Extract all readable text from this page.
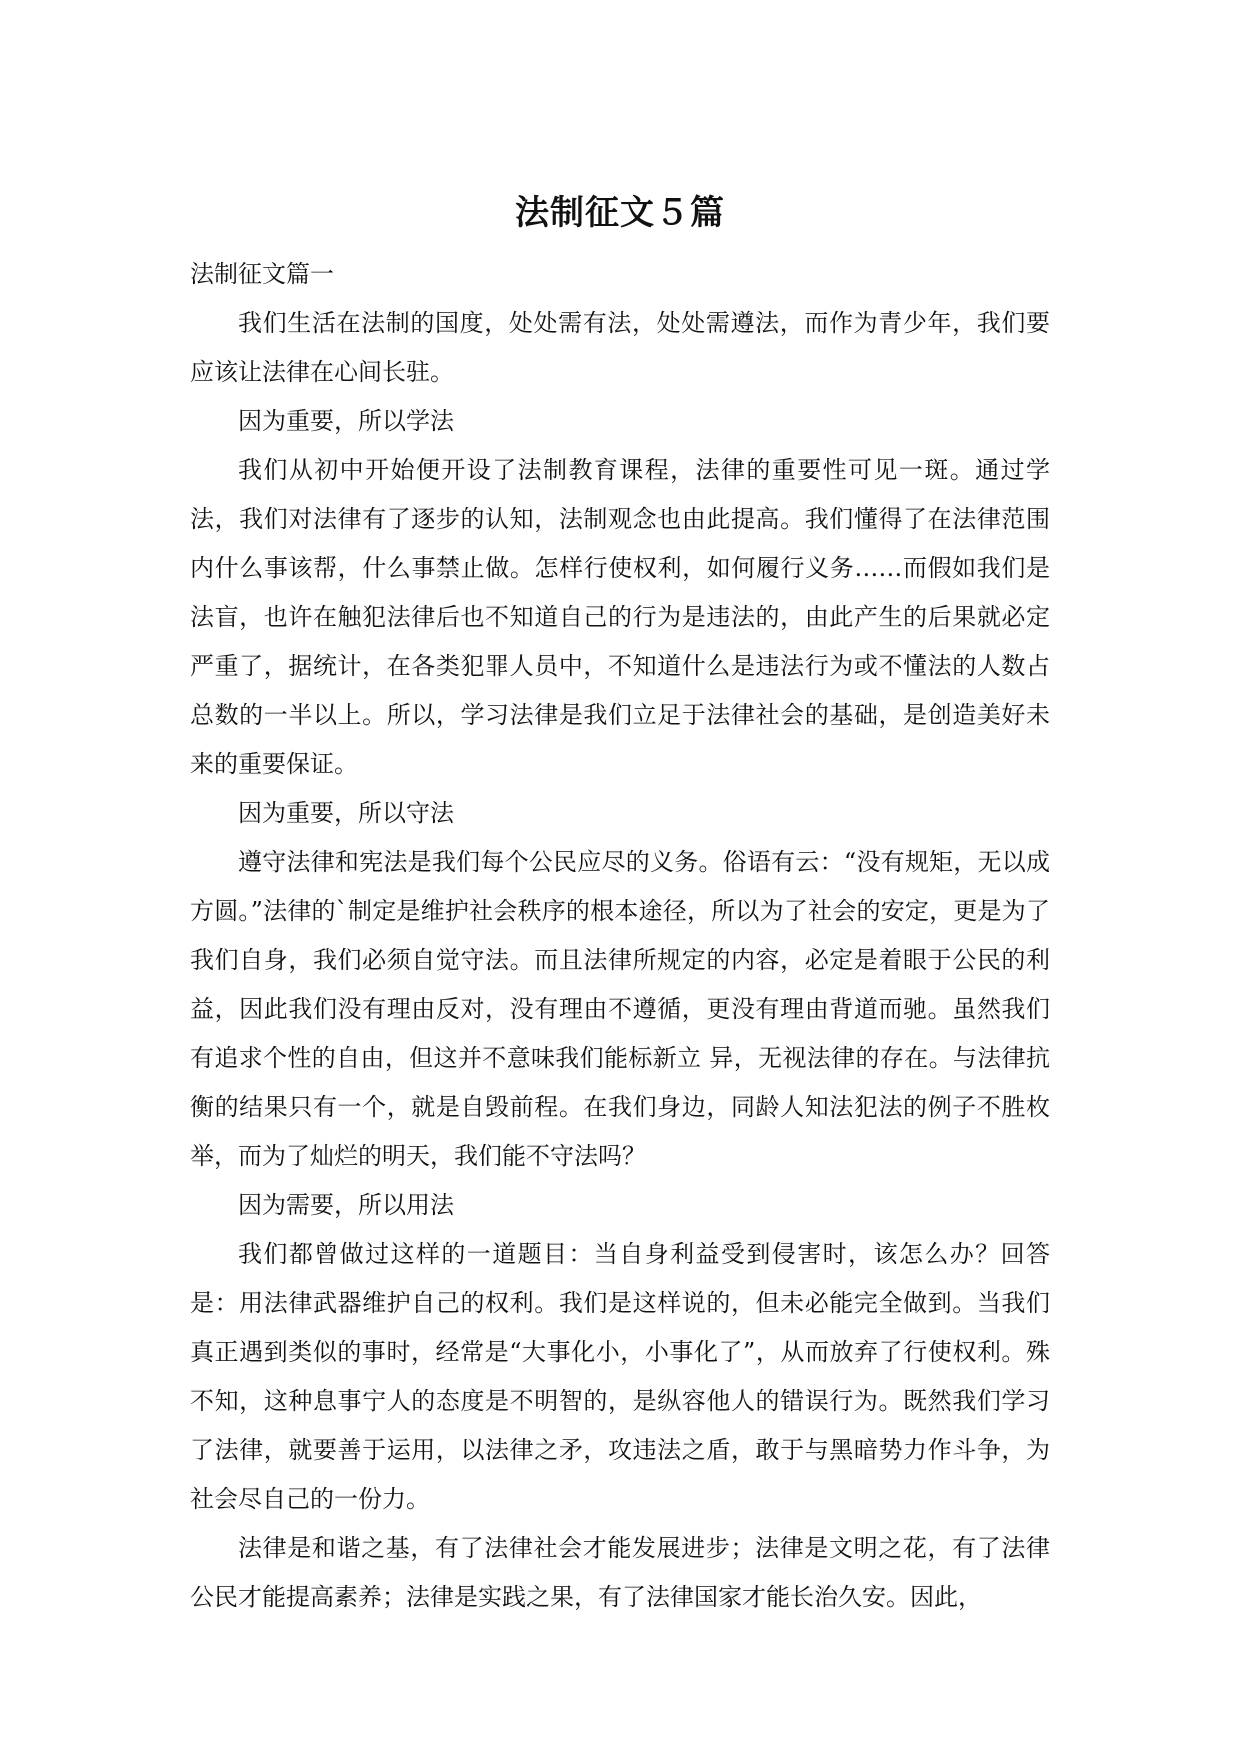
法制征文５篇

法制征文篇一

我们生活在法制的国度，处处需有法，处处需遵法，而作为青少年，我们要应该让法律在心间长驻。

因为重要，所以学法

我们从初中开始便开设了法制教育课程，法律的重要性可见一斑。通过学法，我们对法律有了逐步的认知，法制观念也由此提高。我们懂得了在法律范围内什么事该帮，什么事禁止做。怎样行使权利，如何履行义务……而假如我们是法盲，也许在触犯法律后也不知道自己的行为是违法的，由此产生的后果就必定严重了，据统计，在各类犯罪人员中，不知道什么是违法行为或不懂法的人数占总数的一半以上。所以，学习法律是我们立足于法律社会的基础，是创造美好未来的重要保证。

因为重要，所以守法

遵守法律和宪法是我们每个公民应尽的义务。俗语有云：“没有规矩，无以成方圆。”法律的`制定是维护社会秩序的根本途径，所以为了社会的安定，更是为了我们自身，我们必须自觉守法。而且法律所规定的内容，必定是着眼于公民的利益，因此我们没有理由反对，没有理由不遵循，更没有理由背道而驰。虽然我们有追求个性的自由，但这并不意味我们能标新立 异，无视法律的存在。与法律抗衡的结果只有一个，就是自毁前程。在我们身边，同龄人知法犯法的例子不胜枚举，而为了灿烂的明天，我们能不守法吗？

因为需要，所以用法

我们都曾做过这样的一道题目：当自身利益受到侵害时，该怎么办？回答是：用法律武器维护自己的权利。我们是这样说的，但未必能完全做到。当我们真正遇到类似的事时，经常是“大事化小，小事化了”，从而放弃了行使权利。殊不知，这种息事宁人的态度是不明智的，是纵容他人的错误行为。既然我们学习了法律，就要善于运用，以法律之矛，攻违法之盾，敢于与黑暗势力作斗争，为社会尽自己的一份力。

法律是和谐之基，有了法律社会才能发展进步；法律是文明之花，有了法律公民才能提高素养；法律是实践之果，有了法律国家才能长治久安。因此，
